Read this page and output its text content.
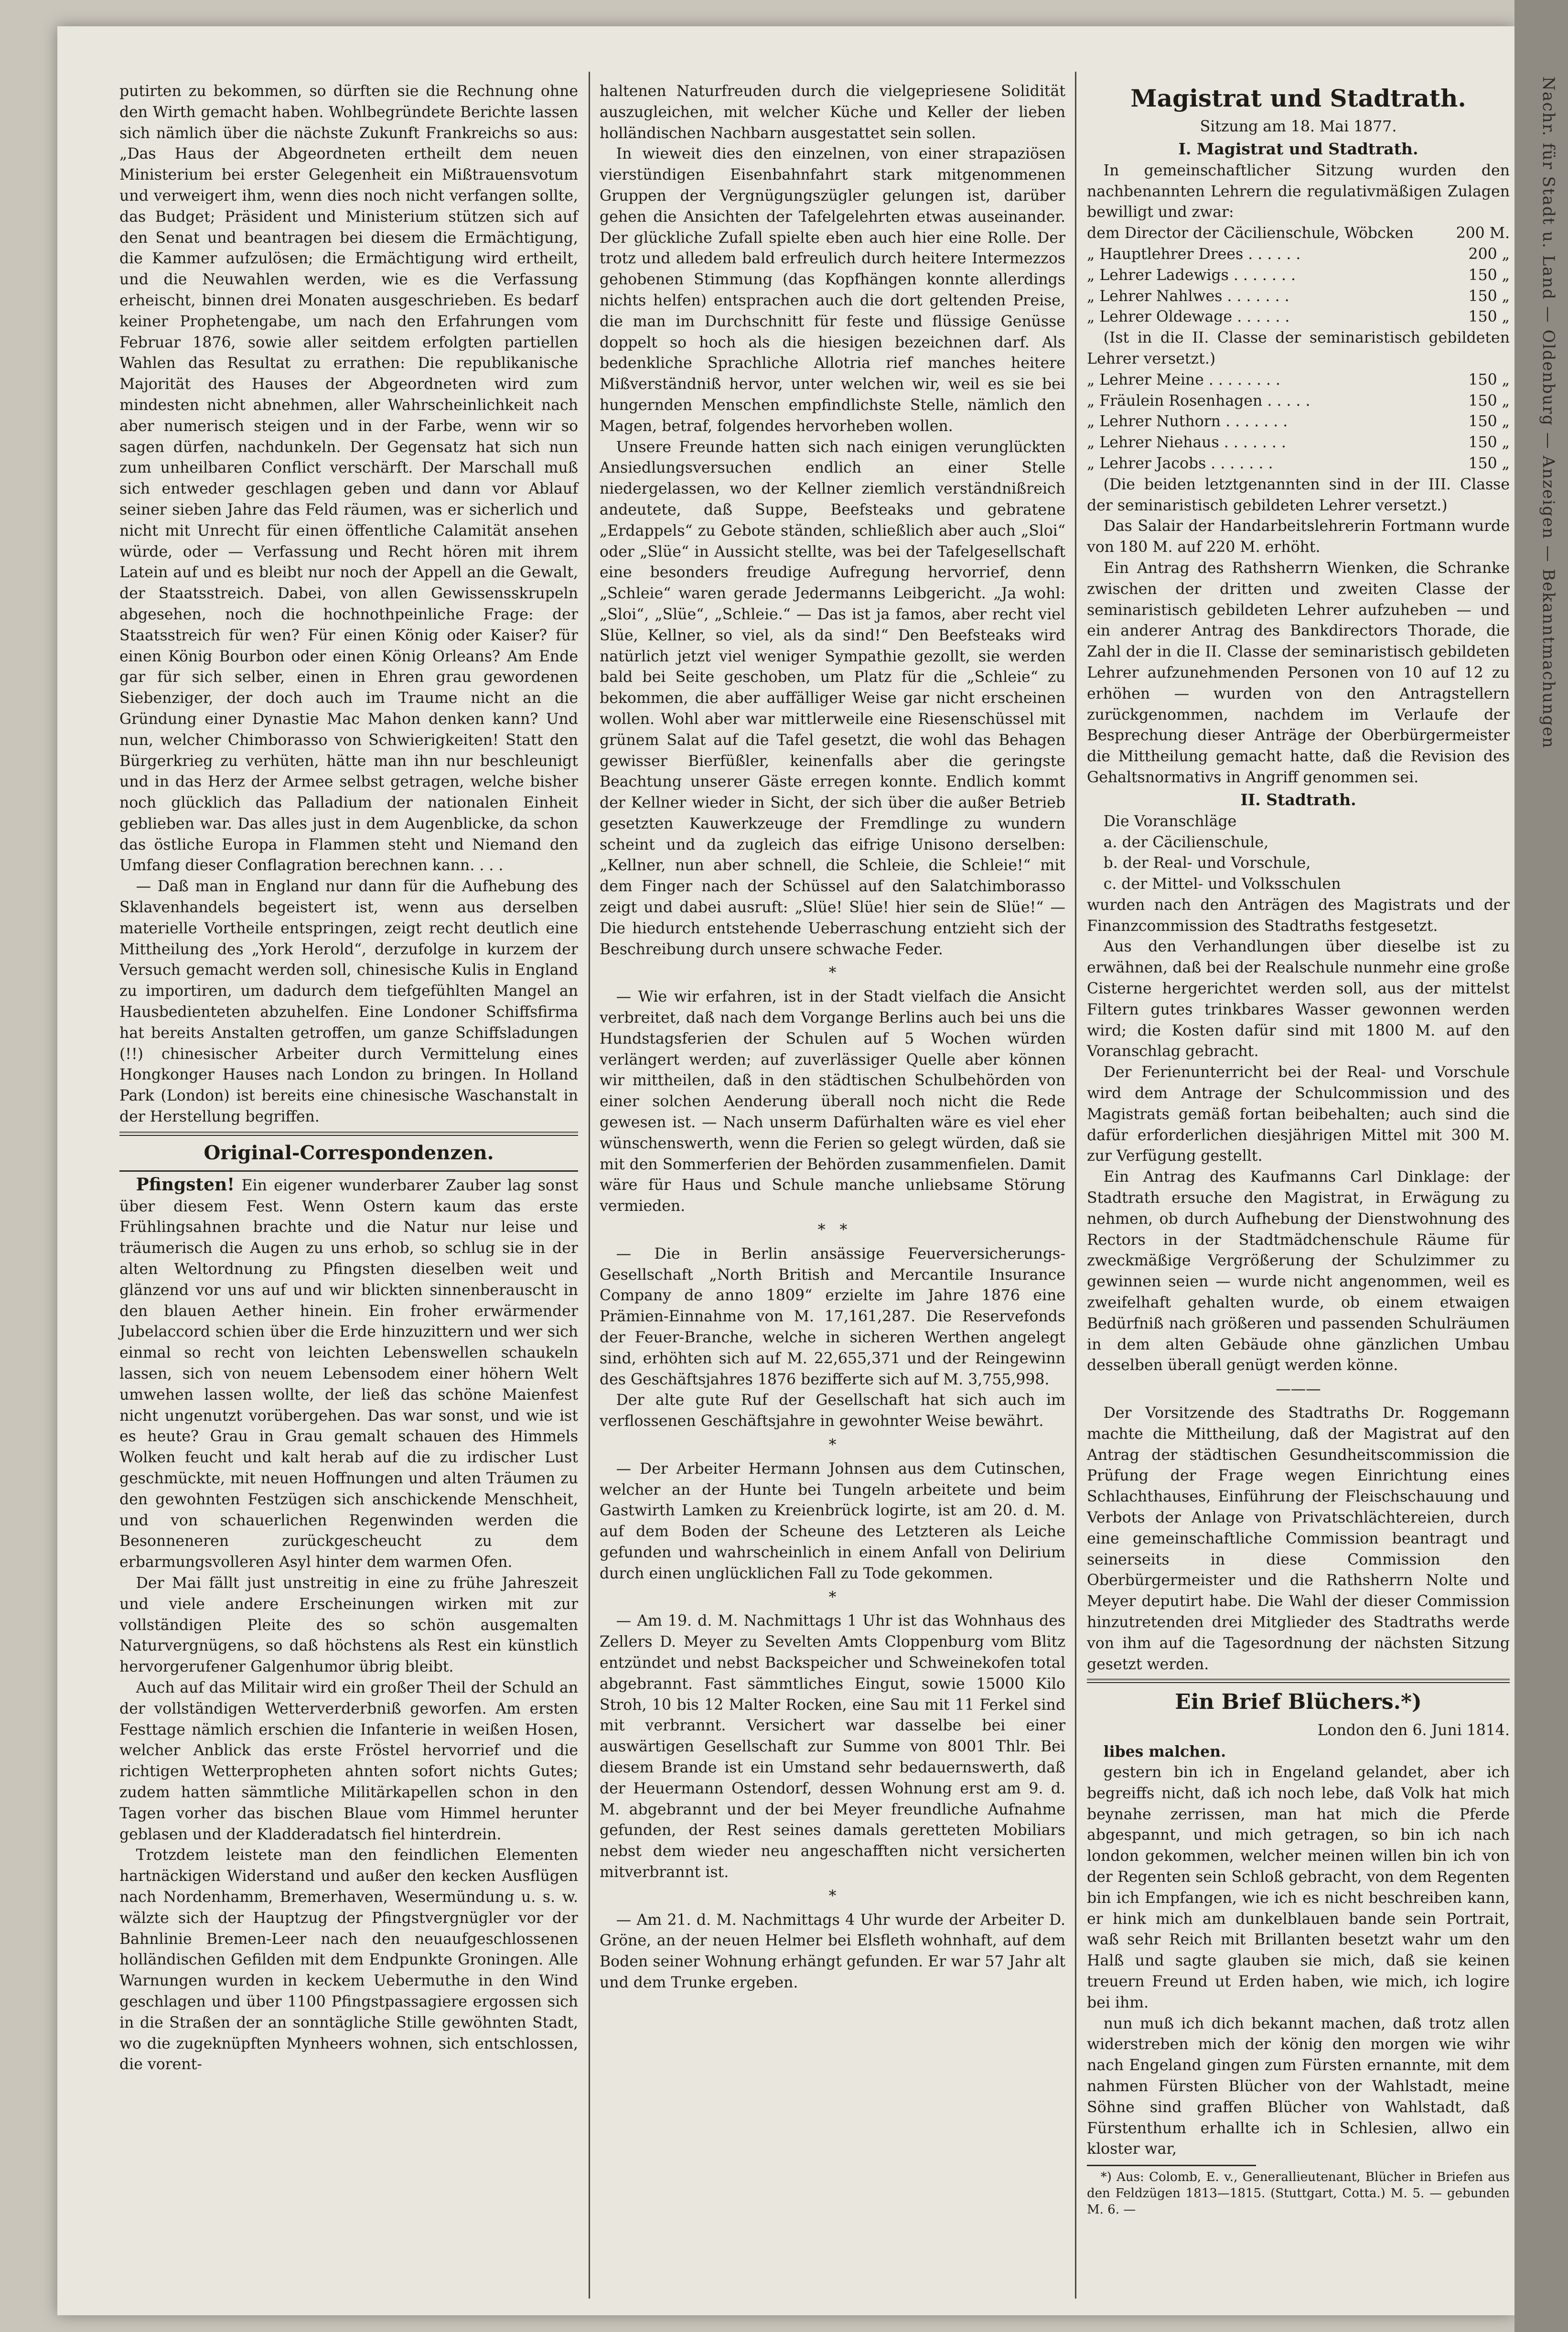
Nachr. für Stadt u. Land — Oldenburg — Anzeigen — Bekanntmachungen

putirten zu bekommen, so dürften sie die Rechnung ohne den Wirth gemacht haben. Wohlbegründete Berichte lassen sich nämlich über die nächste Zukunft Frankreichs so aus: „Das Haus der Abgeordneten ertheilt dem neuen Ministerium bei erster Gelegenheit ein Mißtrauensvotum und verweigert ihm, wenn dies noch nicht verfangen sollte, das Budget; Präsident und Ministerium stützen sich auf den Senat und beantragen bei diesem die Ermächtigung, die Kammer aufzulösen; die Ermächtigung wird ertheilt, und die Neuwahlen werden, wie es die Verfassung erheischt, binnen drei Monaten ausgeschrieben. Es bedarf keiner Prophetengabe, um nach den Erfahrungen vom Februar 1876, sowie aller seitdem erfolgten partiellen Wahlen das Resultat zu errathen: Die republikanische Majorität des Hauses der Abgeordneten wird zum mindesten nicht abnehmen, aller Wahrscheinlichkeit nach aber numerisch steigen und in der Farbe, wenn wir so sagen dürfen, nachdunkeln. Der Gegensatz hat sich nun zum unheilbaren Conflict verschärft. Der Marschall muß sich entweder geschlagen geben und dann vor Ablauf seiner sieben Jahre das Feld räumen, was er sicherlich und nicht mit Unrecht für einen öffentliche Calamität ansehen würde, oder — Verfassung und Recht hören mit ihrem Latein auf und es bleibt nur noch der Appell an die Gewalt, der Staatsstreich. Dabei, von allen Gewissensskrupeln abgesehen, noch die hochnothpeinliche Frage: der Staatsstreich für wen? Für einen König oder Kaiser? für einen König Bourbon oder einen König Orleans? Am Ende gar für sich selber, einen in Ehren grau gewordenen Siebenziger, der doch auch im Traume nicht an die Gründung einer Dynastie Mac Mahon denken kann? Und nun, welcher Chimborasso von Schwierigkeiten! Statt den Bürgerkrieg zu verhüten, hätte man ihn nur beschleunigt und in das Herz der Armee selbst getragen, welche bisher noch glücklich das Palladium der nationalen Einheit geblieben war. Das alles just in dem Augenblicke, da schon das östliche Europa in Flammen steht und Niemand den Umfang dieser Conflagration berechnen kann. . . .

— Daß man in England nur dann für die Aufhebung des Sklavenhandels begeistert ist, wenn aus derselben materielle Vortheile entspringen, zeigt recht deutlich eine Mittheilung des „York Herold“, derzufolge in kurzem der Versuch gemacht werden soll, chinesische Kulis in England zu importiren, um dadurch dem tiefgefühlten Mangel an Hausbedienteten abzuhelfen. Eine Londoner Schiffsfirma hat bereits Anstalten getroffen, um ganze Schiffsladungen (!!) chinesischer Arbeiter durch Vermittelung eines Hongkonger Hauses nach London zu bringen. In Holland Park (London) ist bereits eine chinesische Waschanstalt in der Herstellung begriffen.

Original-Correspondenzen.

Pfingsten! Ein eigener wunderbarer Zauber lag sonst über diesem Fest. Wenn Ostern kaum das erste Frühlingsahnen brachte und die Natur nur leise und träumerisch die Augen zu uns erhob, so schlug sie in der alten Weltordnung zu Pfingsten dieselben weit und glänzend vor uns auf und wir blickten sinnenberauscht in den blauen Aether hinein. Ein froher erwärmender Jubelaccord schien über die Erde hinzuzittern und wer sich einmal so recht von leichten Lebenswellen schaukeln lassen, sich von neuem Lebensodem einer höhern Welt umwehen lassen wollte, der ließ das schöne Maienfest nicht ungenutzt vorübergehen. Das war sonst, und wie ist es heute? Grau in Grau gemalt schauen des Himmels Wolken feucht und kalt herab auf die zu irdischer Lust geschmückte, mit neuen Hoffnungen und alten Träumen zu den gewohnten Festzügen sich anschickende Menschheit, und von schauerlichen Regenwinden werden die Besonneneren zurückgescheucht zu dem erbarmungsvolleren Asyl hinter dem warmen Ofen.

Der Mai fällt just unstreitig in eine zu frühe Jahreszeit und viele andere Erscheinungen wirken mit zur vollständigen Pleite des so schön ausgemalten Naturvergnügens, so daß höchstens als Rest ein künstlich hervorgerufener Galgenhumor übrig bleibt.

Auch auf das Militair wird ein großer Theil der Schuld an der vollständigen Wetterverderbniß geworfen. Am ersten Festtage nämlich erschien die Infanterie in weißen Hosen, welcher Anblick das erste Fröstel hervorrief und die richtigen Wetterpropheten ahnten sofort nichts Gutes; zudem hatten sämmtliche Militärkapellen schon in den Tagen vorher das bischen Blaue vom Himmel herunter geblasen und der Kladderadatsch fiel hinterdrein.

Trotzdem leistete man den feindlichen Elementen hartnäckigen Widerstand und außer den kecken Ausflügen nach Nordenhamm, Bremerhaven, Wesermündung u. s. w. wälzte sich der Hauptzug der Pfingstvergnügler vor der Bahnlinie Bremen-Leer nach den neuaufgeschlossenen holländischen Gefilden mit dem Endpunkte Groningen. Alle Warnungen wurden in keckem Uebermuthe in den Wind geschlagen und über 1100 Pfingstpassagiere ergossen sich in die Straßen der an sonntägliche Stille gewöhnten Stadt, wo die zugeknüpften Mynheers wohnen, sich entschlossen, die vorent-

haltenen Naturfreuden durch die vielgepriesene Solidität auszugleichen, mit welcher Küche und Keller der lieben holländischen Nachbarn ausgestattet sein sollen.

In wieweit dies den einzelnen, von einer strapaziösen vierstündigen Eisenbahnfahrt stark mitgenommenen Gruppen der Vergnügungszügler gelungen ist, darüber gehen die Ansichten der Tafelgelehrten etwas auseinander. Der glückliche Zufall spielte eben auch hier eine Rolle. Der trotz und alledem bald erfreulich durch heitere Intermezzos gehobenen Stimmung (das Kopfhängen konnte allerdings nichts helfen) entsprachen auch die dort geltenden Preise, die man im Durchschnitt für feste und flüssige Genüsse doppelt so hoch als die hiesigen bezeichnen darf. Als bedenkliche Sprachliche Allotria rief manches heitere Mißverständniß hervor, unter welchen wir, weil es sie bei hungernden Menschen empfindlichste Stelle, nämlich den Magen, betraf, folgendes hervorheben wollen.

Unsere Freunde hatten sich nach einigen verunglückten Ansiedlungsversuchen endlich an einer Stelle niedergelassen, wo der Kellner ziemlich verständnißreich andeutete, daß Suppe, Beefsteaks und gebratene „Erdappels“ zu Gebote ständen, schließlich aber auch „Sloi“ oder „Slüe“ in Aussicht stellte, was bei der Tafelgesellschaft eine besonders freudige Aufregung hervorrief, denn „Schleie“ waren gerade Jedermanns Leibgericht. „Ja wohl: „Sloi“, „Slüe“, „Schleie.“ — Das ist ja famos, aber recht viel Slüe, Kellner, so viel, als da sind!“ Den Beefsteaks wird natürlich jetzt viel weniger Sympathie gezollt, sie werden bald bei Seite geschoben, um Platz für die „Schleie“ zu bekommen, die aber auffälliger Weise gar nicht erscheinen wollen. Wohl aber war mittlerweile eine Riesenschüssel mit grünem Salat auf die Tafel gesetzt, die wohl das Behagen gewisser Bierfüßler, keinenfalls aber die geringste Beachtung unserer Gäste erregen konnte. Endlich kommt der Kellner wieder in Sicht, der sich über die außer Betrieb gesetzten Kauwerkzeuge der Fremdlinge zu wundern scheint und da zugleich das eifrige Unisono derselben: „Kellner, nun aber schnell, die Schleie, die Schleie!“ mit dem Finger nach der Schüssel auf den Salatchimborasso zeigt und dabei ausruft: „Slüe! Slüe! hier sein de Slüe!“ — Die hiedurch entstehende Ueberraschung entzieht sich der Beschreibung durch unsere schwache Feder.

*

— Wie wir erfahren, ist in der Stadt vielfach die Ansicht verbreitet, daß nach dem Vorgange Berlins auch bei uns die Hundstagsferien der Schulen auf 5 Wochen würden verlängert werden; auf zuverlässiger Quelle aber können wir mittheilen, daß in den städtischen Schulbehörden von einer solchen Aenderung überall noch nicht die Rede gewesen ist. — Nach unserm Dafürhalten wäre es viel eher wünschenswerth, wenn die Ferien so gelegt würden, daß sie mit den Sommerferien der Behörden zusammenfielen. Damit wäre für Haus und Schule manche unliebsame Störung vermieden.

*   *

— Die in Berlin ansässige Feuerversicherungs-Gesellschaft „North British and Mercantile Insurance Company de anno 1809“ erzielte im Jahre 1876 eine Prämien-Einnahme von M. 17,161,287. Die Reservefonds der Feuer-Branche, welche in sicheren Werthen angelegt sind, erhöhten sich auf M. 22,655,371 und der Reingewinn des Geschäftsjahres 1876 bezifferte sich auf M. 3,755,998.

Der alte gute Ruf der Gesellschaft hat sich auch im verflossenen Geschäftsjahre in gewohnter Weise bewährt.

*

— Der Arbeiter Hermann Johnsen aus dem Cutinschen, welcher an der Hunte bei Tungeln arbeitete und beim Gastwirth Lamken zu Kreienbrück logirte, ist am 20. d. M. auf dem Boden der Scheune des Letzteren als Leiche gefunden und wahrscheinlich in einem Anfall von Delirium durch einen unglücklichen Fall zu Tode gekommen.

*

— Am 19. d. M. Nachmittags 1 Uhr ist das Wohnhaus des Zellers D. Meyer zu Sevelten Amts Cloppenburg vom Blitz entzündet und nebst Backspeicher und Schweinekofen total abgebrannt. Fast sämmtliches Eingut, sowie 15000 Kilo Stroh, 10 bis 12 Malter Rocken, eine Sau mit 11 Ferkel sind mit verbrannt. Versichert war dasselbe bei einer auswärtigen Gesellschaft zur Summe von 8001 Thlr. Bei diesem Brande ist ein Umstand sehr bedauernswerth, daß der Heuermann Ostendorf, dessen Wohnung erst am 9. d. M. abgebrannt und der bei Meyer freundliche Aufnahme gefunden, der Rest seines damals geretteten Mobiliars nebst dem wieder neu angeschafften nicht versicherten mitverbrannt ist.

*

— Am 21. d. M. Nachmittags 4 Uhr wurde der Arbeiter D. Gröne, an der neuen Helmer bei Elsfleth wohnhaft, auf dem Boden seiner Wohnung erhängt gefunden. Er war 57 Jahr alt und dem Trunke ergeben.

Magistrat und Stadtrath.
Sitzung am 18. Mai 1877.
I. Magistrat und Stadtrath.

In gemeinschaftlicher Sitzung wurden den nachbenannten Lehrern die regulativmäßigen Zulagen bewilligt und zwar:

dem Director der Cäcilienschule, Wöbcken	200 M.
„ Hauptlehrer Drees . . . . . .	200 „
„ Lehrer Ladewigs . . . . . . .	150 „
„ Lehrer Nahlwes . . . . . . .	150 „
„ Lehrer Oldewage . . . . . .	150 „

(Ist in die II. Classe der seminaristisch gebildeten Lehrer versetzt.)

„ Lehrer Meine . . . . . . . .	150 „
„ Fräulein Rosenhagen . . . . .	150 „
„ Lehrer Nuthorn . . . . . . .	150 „
„ Lehrer Niehaus . . . . . . .	150 „
„ Lehrer Jacobs . . . . . . .	150 „

(Die beiden letztgenannten sind in der III. Classe der seminaristisch gebildeten Lehrer versetzt.)

Das Salair der Handarbeitslehrerin Fortmann wurde von 180 M. auf 220 M. erhöht.

Ein Antrag des Rathsherrn Wienken, die Schranke zwischen der dritten und zweiten Classe der seminaristisch gebildeten Lehrer aufzuheben — und ein anderer Antrag des Bankdirectors Thorade, die Zahl der in die II. Classe der seminaristisch gebildeten Lehrer aufzunehmenden Personen von 10 auf 12 zu erhöhen — wurden von den Antragstellern zurückgenommen, nachdem im Verlaufe der Besprechung dieser Anträge der Oberbürgermeister die Mittheilung gemacht hatte, daß die Revision des Gehaltsnormativs in Angriff genommen sei.

II. Stadtrath.

Die Voranschläge

a. der Cäcilienschule,

b. der Real- und Vorschule,

c. der Mittel- und Volksschulen

wurden nach den Anträgen des Magistrats und der Finanzcommission des Stadtraths festgesetzt.

Aus den Verhandlungen über dieselbe ist zu erwähnen, daß bei der Realschule nunmehr eine große Cisterne hergerichtet werden soll, aus der mittelst Filtern gutes trinkbares Wasser gewonnen werden wird; die Kosten dafür sind mit 1800 M. auf den Voranschlag gebracht.

Der Ferienunterricht bei der Real- und Vorschule wird dem Antrage der Schulcommission und des Magistrats gemäß fortan beibehalten; auch sind die dafür erforderlichen diesjährigen Mittel mit 300 M. zur Verfügung gestellt.

Ein Antrag des Kaufmanns Carl Dinklage: der Stadtrath ersuche den Magistrat, in Erwägung zu nehmen, ob durch Aufhebung der Dienstwohnung des Rectors in der Stadtmädchenschule Räume für zweckmäßige Vergrößerung der Schulzimmer zu gewinnen seien — wurde nicht angenommen, weil es zweifelhaft gehalten wurde, ob einem etwaigen Bedürfniß nach größeren und passenden Schulräumen in dem alten Gebäude ohne gänzlichen Umbau desselben überall genügt werden könne.

———

Der Vorsitzende des Stadtraths Dr. Roggemann machte die Mittheilung, daß der Magistrat auf den Antrag der städtischen Gesundheitscommission die Prüfung der Frage wegen Einrichtung eines Schlachthauses, Einführung der Fleischschauung und Verbots der Anlage von Privatschlächtereien, durch eine gemeinschaftliche Commission beantragt und seinerseits in diese Commission den Oberbürgermeister und die Rathsherrn Nolte und Meyer deputirt habe. Die Wahl der dieser Commission hinzutretenden drei Mitglieder des Stadtraths werde von ihm auf die Tagesordnung der nächsten Sitzung gesetzt werden.

Ein Brief Blüchers.*)
London den 6. Juni 1814.

libes malchen.

gestern bin ich in Engeland gelandet, aber ich begreiffs nicht, daß ich noch lebe, daß Volk hat mich beynahe zerrissen, man hat mich die Pferde abgespannt, und mich getragen, so bin ich nach london gekommen, welcher meinen willen bin ich von der Regenten sein Schloß gebracht, von dem Regenten bin ich Empfangen, wie ich es nicht beschreiben kann, er hink mich am dunkelblauen bande sein Portrait, waß sehr Reich mit Brillanten besetzt wahr um den Halß und sagte glauben sie mich, daß sie keinen treuern Freund ut Erden haben, wie mich, ich logire bei ihm.

nun muß ich dich bekannt machen, daß trotz allen widerstreben mich der könig den morgen wie wihr nach Engeland gingen zum Fürsten ernannte, mit dem nahmen Fürsten Blücher von der Wahlstadt, meine Söhne sind graffen Blücher von Wahlstadt, daß Fürstenthum erhallte ich in Schlesien, allwo ein kloster war,

*) Aus: Colomb, E. v., Generallieutenant, Blücher in Briefen aus den Feldzügen 1813—1815. (Stuttgart, Cotta.) M. 5. — gebunden M. 6. —
